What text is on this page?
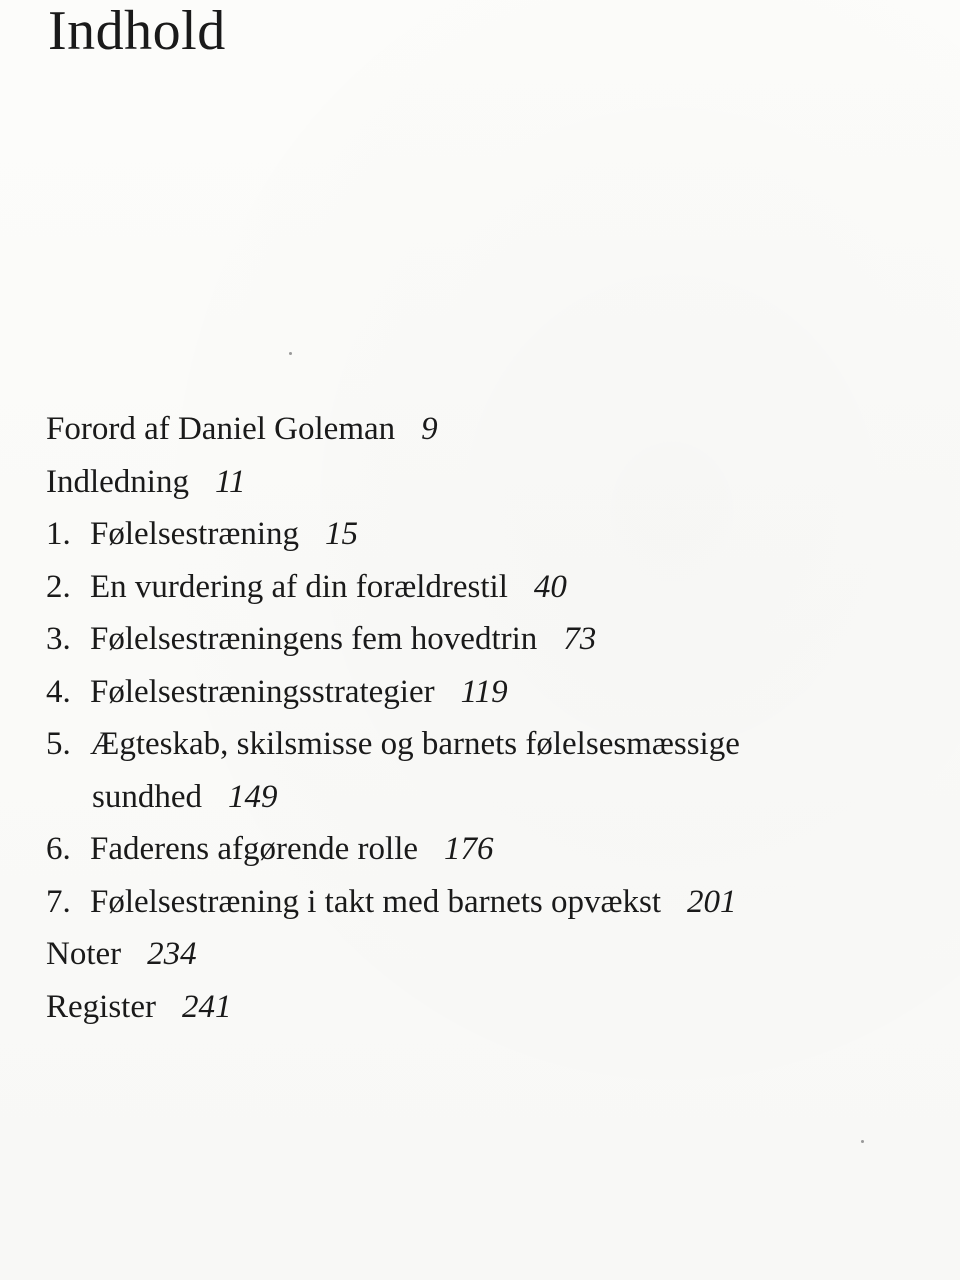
Indhold
Forord af Daniel Goleman 9
Indledning 11
1. Følelsestræning 15
2. En vurdering af din forældrestil 40
3. Følelsestræningens fem hovedtrin 73
4. Følelsestræningsstrategier 119
5. Ægteskab, skilsmisse og barnets følelsesmæssige
sundhed 149
6. Faderens afgørende rolle 176
7. Følelsestræning i takt med barnets opvækst 201
Noter 234
Register 241
